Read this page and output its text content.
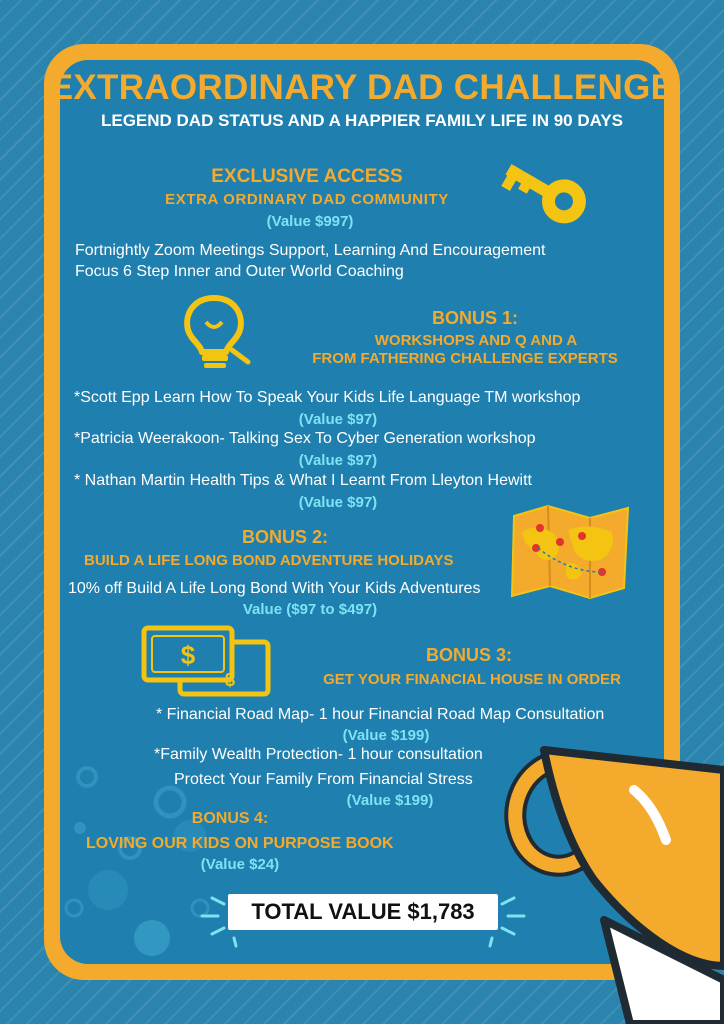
EXTRAORDINARY DAD CHALLENGE
LEGEND DAD STATUS AND A HAPPIER FAMILY LIFE IN 90 DAYS
EXCLUSIVE ACCESS
EXTRA ORDINARY DAD COMMUNITY
(Value $997)
Fortnightly Zoom Meetings Support, Learning And Encouragement
Focus 6 Step Inner and Outer World Coaching
BONUS 1:
WORKSHOPS AND Q AND A
FROM FATHERING CHALLENGE EXPERTS
*Scott Epp Learn How To Speak Your Kids Life Language TM workshop
(Value $97)
*Patricia Weerakoon- Talking Sex To Cyber Generation workshop
(Value $97)
* Nathan Martin Health Tips & What I Learnt From Lleyton Hewitt
(Value $97)
BONUS 2:
BUILD A LIFE LONG BOND ADVENTURE HOLIDAYS
10% off Build A Life Long Bond With Your Kids Adventures
Value ($97 to $497)
$
$
BONUS 3:
GET YOUR FINANCIAL HOUSE IN ORDER
* Financial Road Map- 1 hour Financial Road Map Consultation
(Value $199)
*Family Wealth Protection- 1 hour consultation
Protect Your Family From Financial Stress
(Value $199)
BONUS 4:
LOVING OUR KIDS ON PURPOSE BOOK
(Value $24)
TOTAL VALUE $1,783
